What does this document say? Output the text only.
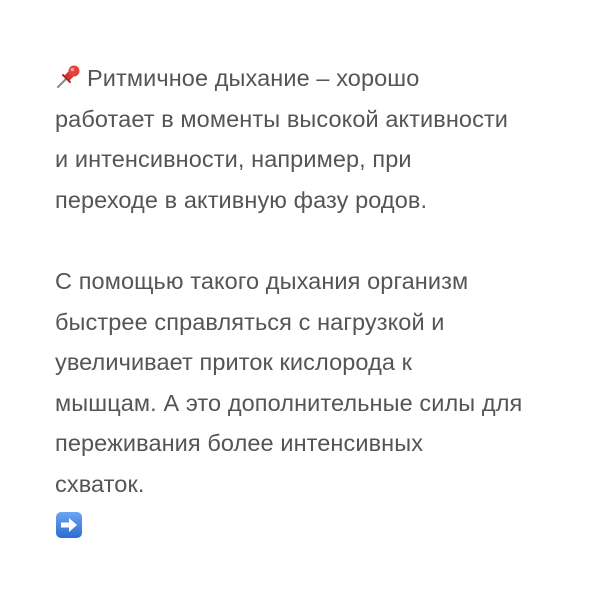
Ритмичное дыхание – хорошо
работает в моменты высокой активности
и интенсивности, например, при
переходе в активную фазу родов.

С помощью такого дыхания организм
быстрее справляться с нагрузкой и
увеличивает приток кислорода к
мышцам. А это дополнительные силы для
переживания более интенсивных
схваток.
